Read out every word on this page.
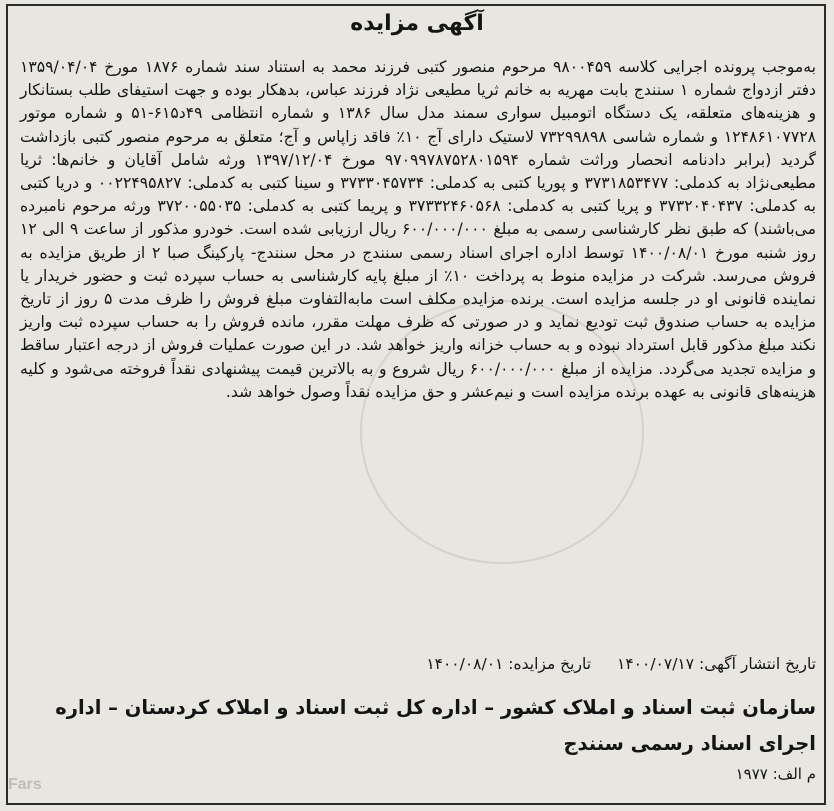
آگهی مزایده

به‌موجب پرونده اجرایی کلاسه ۹۸۰۰۴۵۹ مرحوم منصور کتبی فرزند محمد به استناد سند شماره ۱۸۷۶ مورخ ۱۳۵۹/۰۴/۰۴ دفتر ازدواج شماره ۱ سنندج بابت مهریه به خانم ثریا مطیعی نژاد فرزند عباس، بدهکار بوده و جهت استیفای طلب بستانکار و هزینه‌های متعلقه، یک دستگاه اتومبیل سواری سمند مدل سال ۱۳۸۶ و شماره انتظامی ۴۹د۶۱۵-۵۱ و شماره موتور ۱۲۴۸۶۱۰۷۷۲۸ و شماره شاسی ۷۳۲۹۹۸۹۸ لاستیک دارای آج ۱۰٪ فاقد زاپاس و آج؛ متعلق به مرحوم منصور کتبی بازداشت گردید (برابر دادنامه انحصار وراثت شماره ۹۷۰۹۹۷۸۷۵۲۸۰۱۵۹۴ مورخ ۱۳۹۷/۱۲/۰۴ ورثه شامل آقایان و خانم‌ها: ثریا مطیعی‌نژاد به کدملی: ۳۷۳۱۸۵۳۴۷۷ و پوریا کتبی به کدملی: ۳۷۳۳۰۴۵۷۳۴ و سینا کتبی به کدملی: ۰۰۲۲۴۹۵۸۲۷ و دریا کتبی به کدملی: ۳۷۳۲۰۴۰۴۳۷ و پریا کتبی به کدملی: ۳۷۳۳۲۴۶۰۵۶۸ و پریما کتبی به کدملی: ۳۷۲۰۰۵۵۰۳۵ ورثه مرحوم نامبرده می‌باشند) که طبق نظر کارشناسی رسمی به مبلغ ۶۰۰/۰۰۰/۰۰۰ ریال ارزیابی شده است. خودرو مذکور از ساعت ۹ الی ۱۲ روز شنبه مورخ ۱۴۰۰/۰۸/۰۱ توسط اداره اجرای اسناد رسمی سنندج در محل سنندج- پارکینگ صبا ۲ از طریق مزایده به فروش می‌رسد. شرکت در مزایده منوط به پرداخت ۱۰٪ از مبلغ پایه کارشناسی به حساب سپرده ثبت و حضور خریدار یا نماینده قانونی او در جلسه مزایده است. برنده مزایده مکلف است مابه‌التفاوت مبلغ فروش را ظرف مدت ۵ روز از تاریخ مزایده به حساب صندوق ثبت تودیع نماید و در صورتی که ظرف مهلت مقرر، مانده فروش را به حساب سپرده ثبت واریز نکند مبلغ مذکور قابل استرداد نبوده و به حساب خزانه واریز خواهد شد. در این صورت عملیات فروش از درجه اعتبار ساقط و مزایده تجدید می‌گردد. مزایده از مبلغ ۶۰۰/۰۰۰/۰۰۰ ریال شروع و به بالاترین قیمت پیشنهادی نقداً فروخته می‌شود و کلیه هزینه‌های قانونی به عهده برنده مزایده است و نیم‌عشر و حق مزایده نقداً وصول خواهد شد.

تاریخ انتشار آگهی: ۱۴۰۰/۰۷/۱۷تاریخ مزایده: ۱۴۰۰/۰۸/۰۱
سازمان ثبت اسناد و املاک کشور – اداره کل ثبت اسناد و املاک کردستان – اداره
اجرای اسناد رسمی سنندج
م الف: ۱۹۷۷
Fars
